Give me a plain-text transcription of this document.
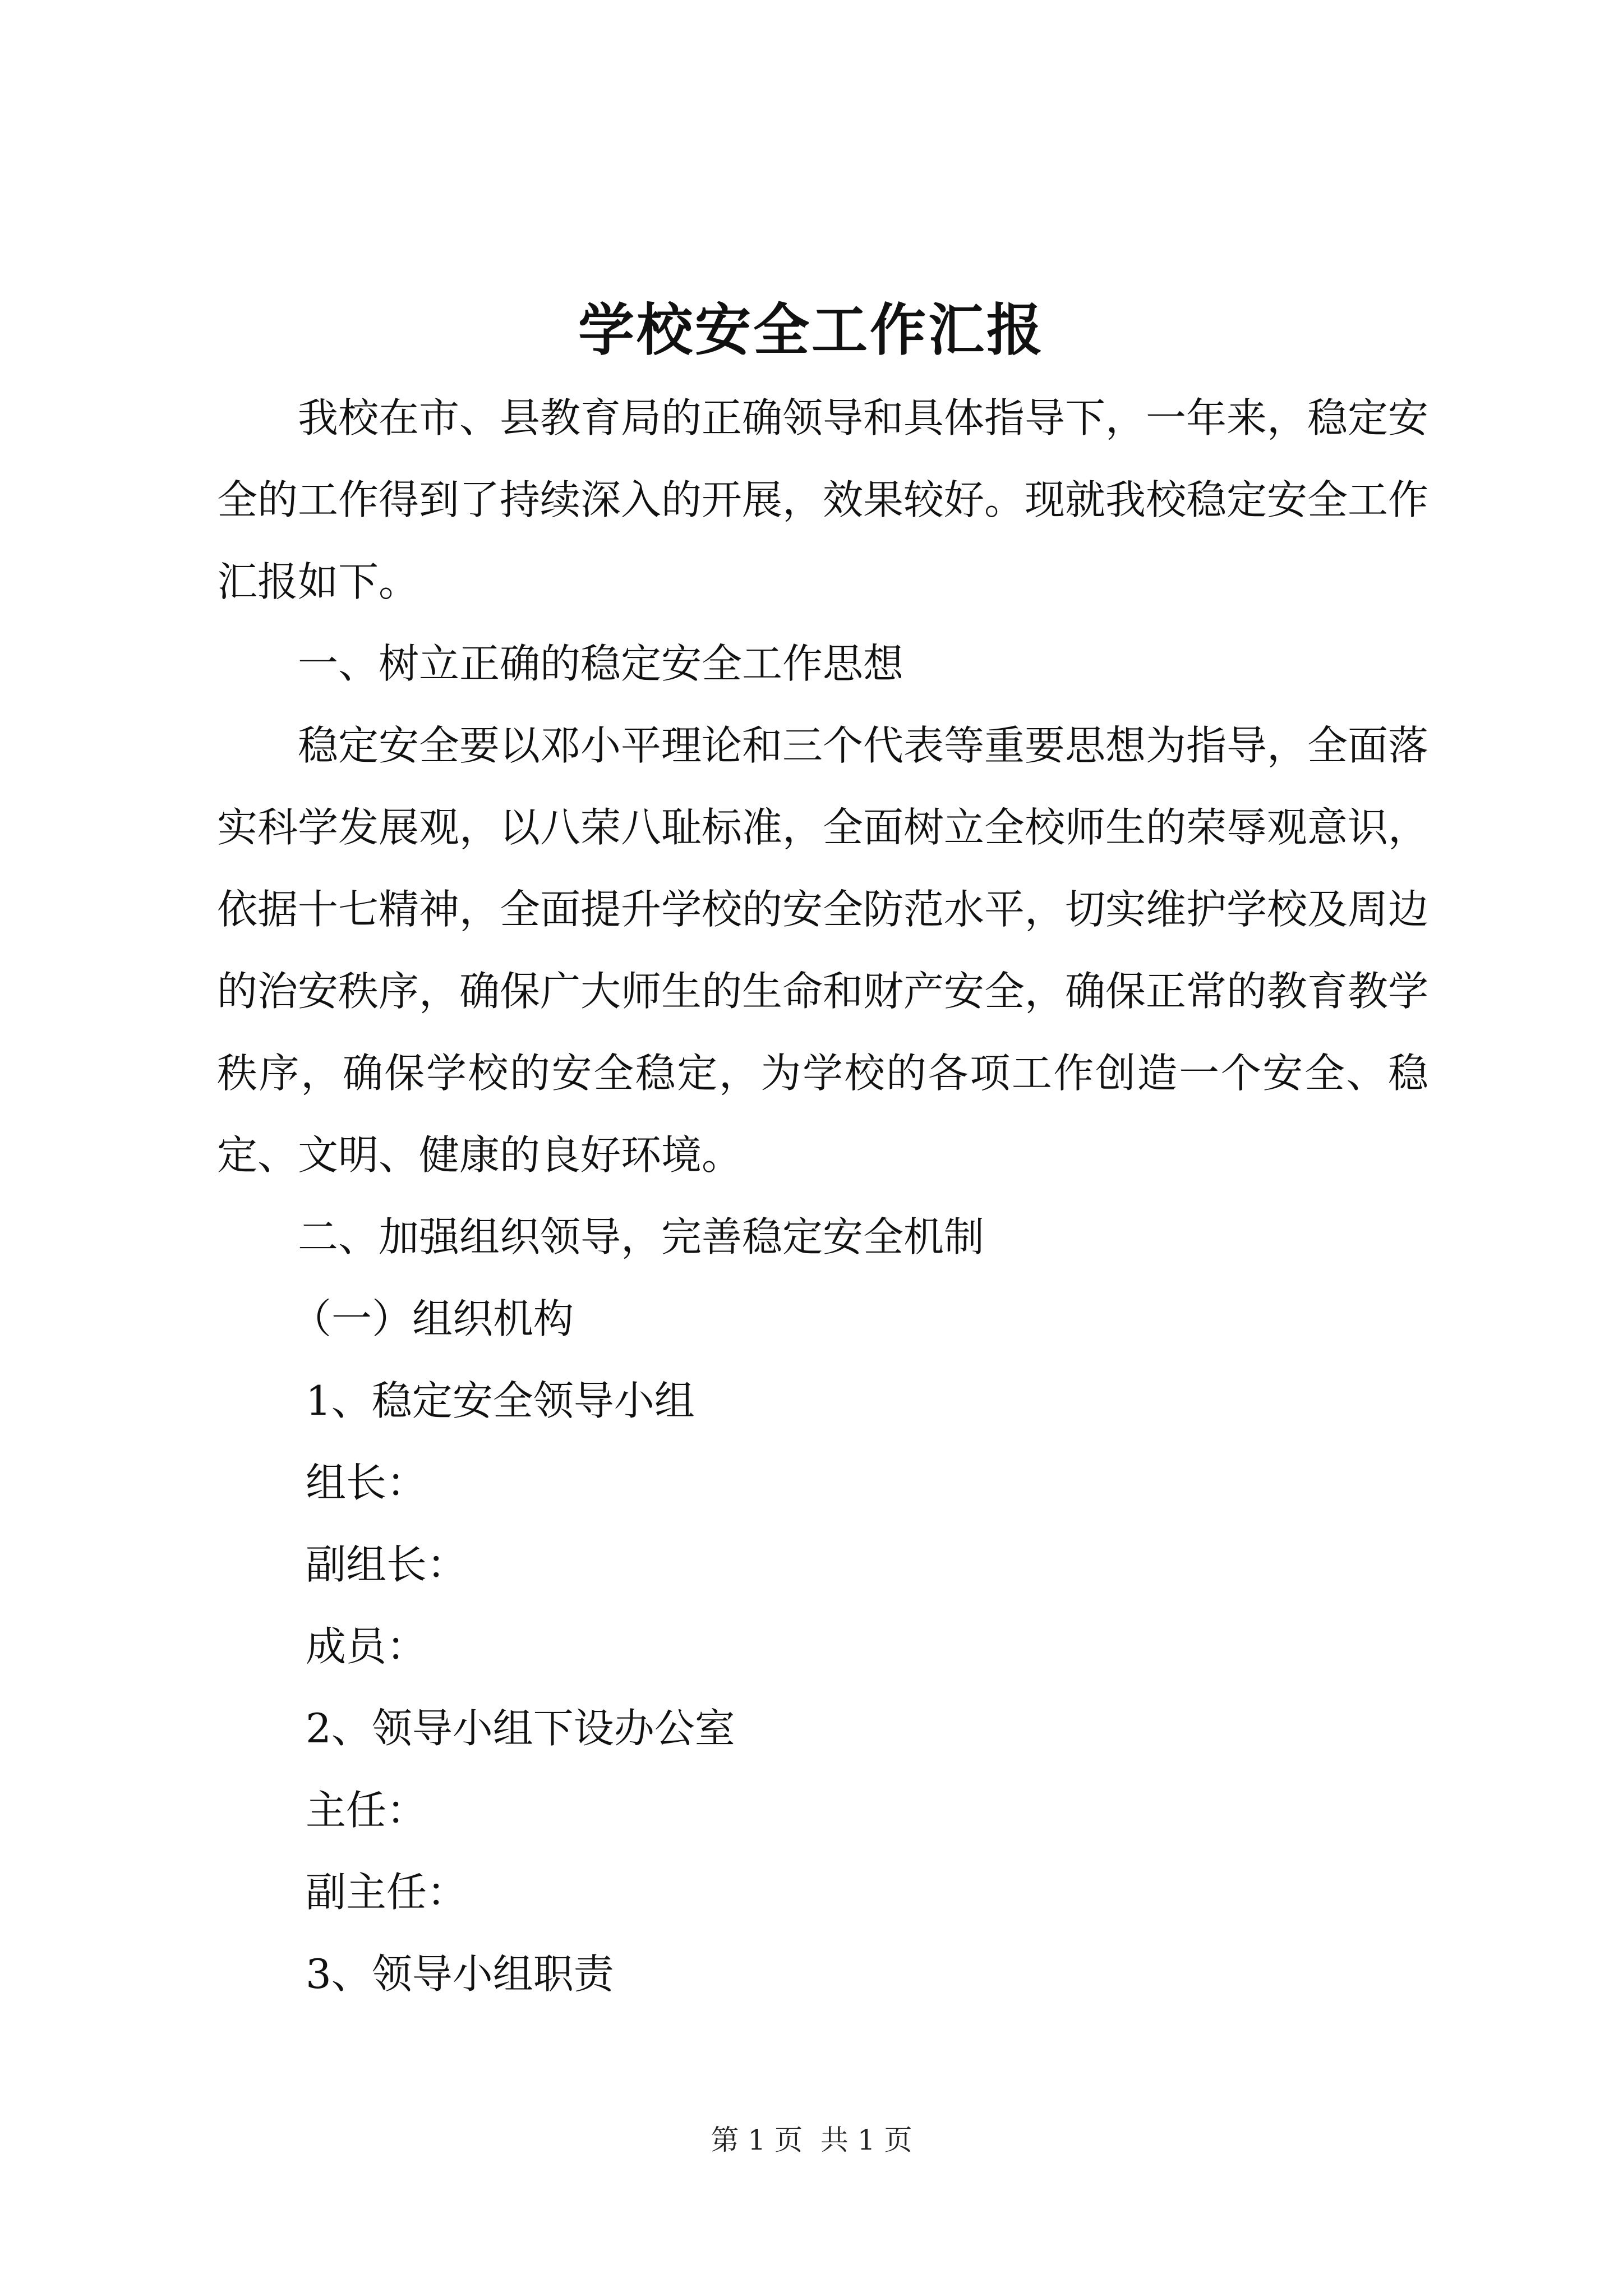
学校安全工作汇报

我校在市、县教育局的正确领导和具体指导下，一年来，稳定安全的工作得到了持续深入的开展，效果较好。现就我校稳定安全工作汇报如下。

一、树立正确的稳定安全工作思想

稳定安全要以邓小平理论和三个代表等重要思想为指导，全面落实科学发展观，以八荣八耻标准，全面树立全校师生的荣辱观意识，依据十七精神，全面提升学校的安全防范水平，切实维护学校及周边的治安秩序，确保广大师生的生命和财产安全，确保正常的教育教学秩序，确保学校的安全稳定，为学校的各项工作创造一个安全、稳定、文明、健康的良好环境。

二、加强组织领导，完善稳定安全机制

（一）组织机构

1、稳定安全领导小组

组长：

副组长：

成员：

2、领导小组下设办公室

主任：

副主任：

3、领导小组职责

第 1 页  共 1 页
